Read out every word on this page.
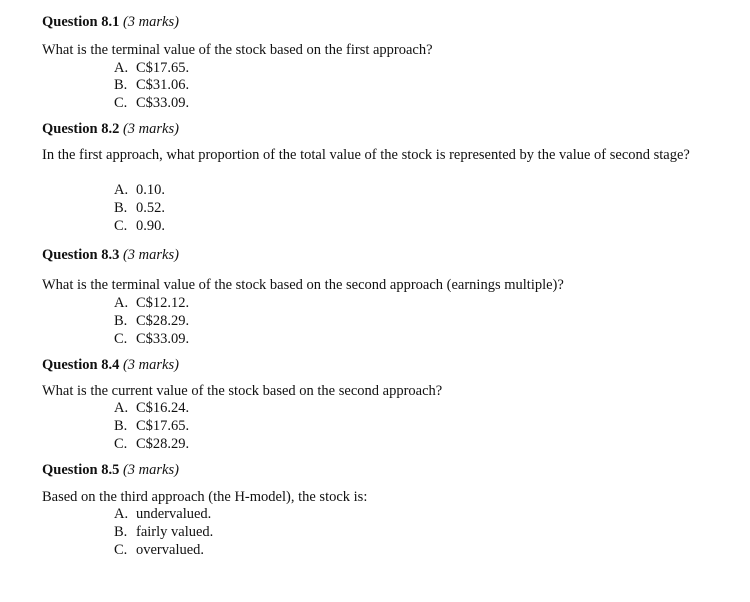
Question 8.1 (3 marks)
What is the terminal value of the stock based on the first approach?
A. C$17.65.
B. C$31.06.
C. C$33.09.
Question 8.2 (3 marks)
In the first approach, what proportion of the total value of the stock is represented by the value of second stage?
A. 0.10.
B. 0.52.
C. 0.90.
Question 8.3 (3 marks)
What is the terminal value of the stock based on the second approach (earnings multiple)?
A. C$12.12.
B. C$28.29.
C. C$33.09.
Question 8.4 (3 marks)
What is the current value of the stock based on the second approach?
A. C$16.24.
B. C$17.65.
C. C$28.29.
Question 8.5 (3 marks)
Based on the third approach (the H-model), the stock is:
A. undervalued.
B. fairly valued.
C. overvalued.
